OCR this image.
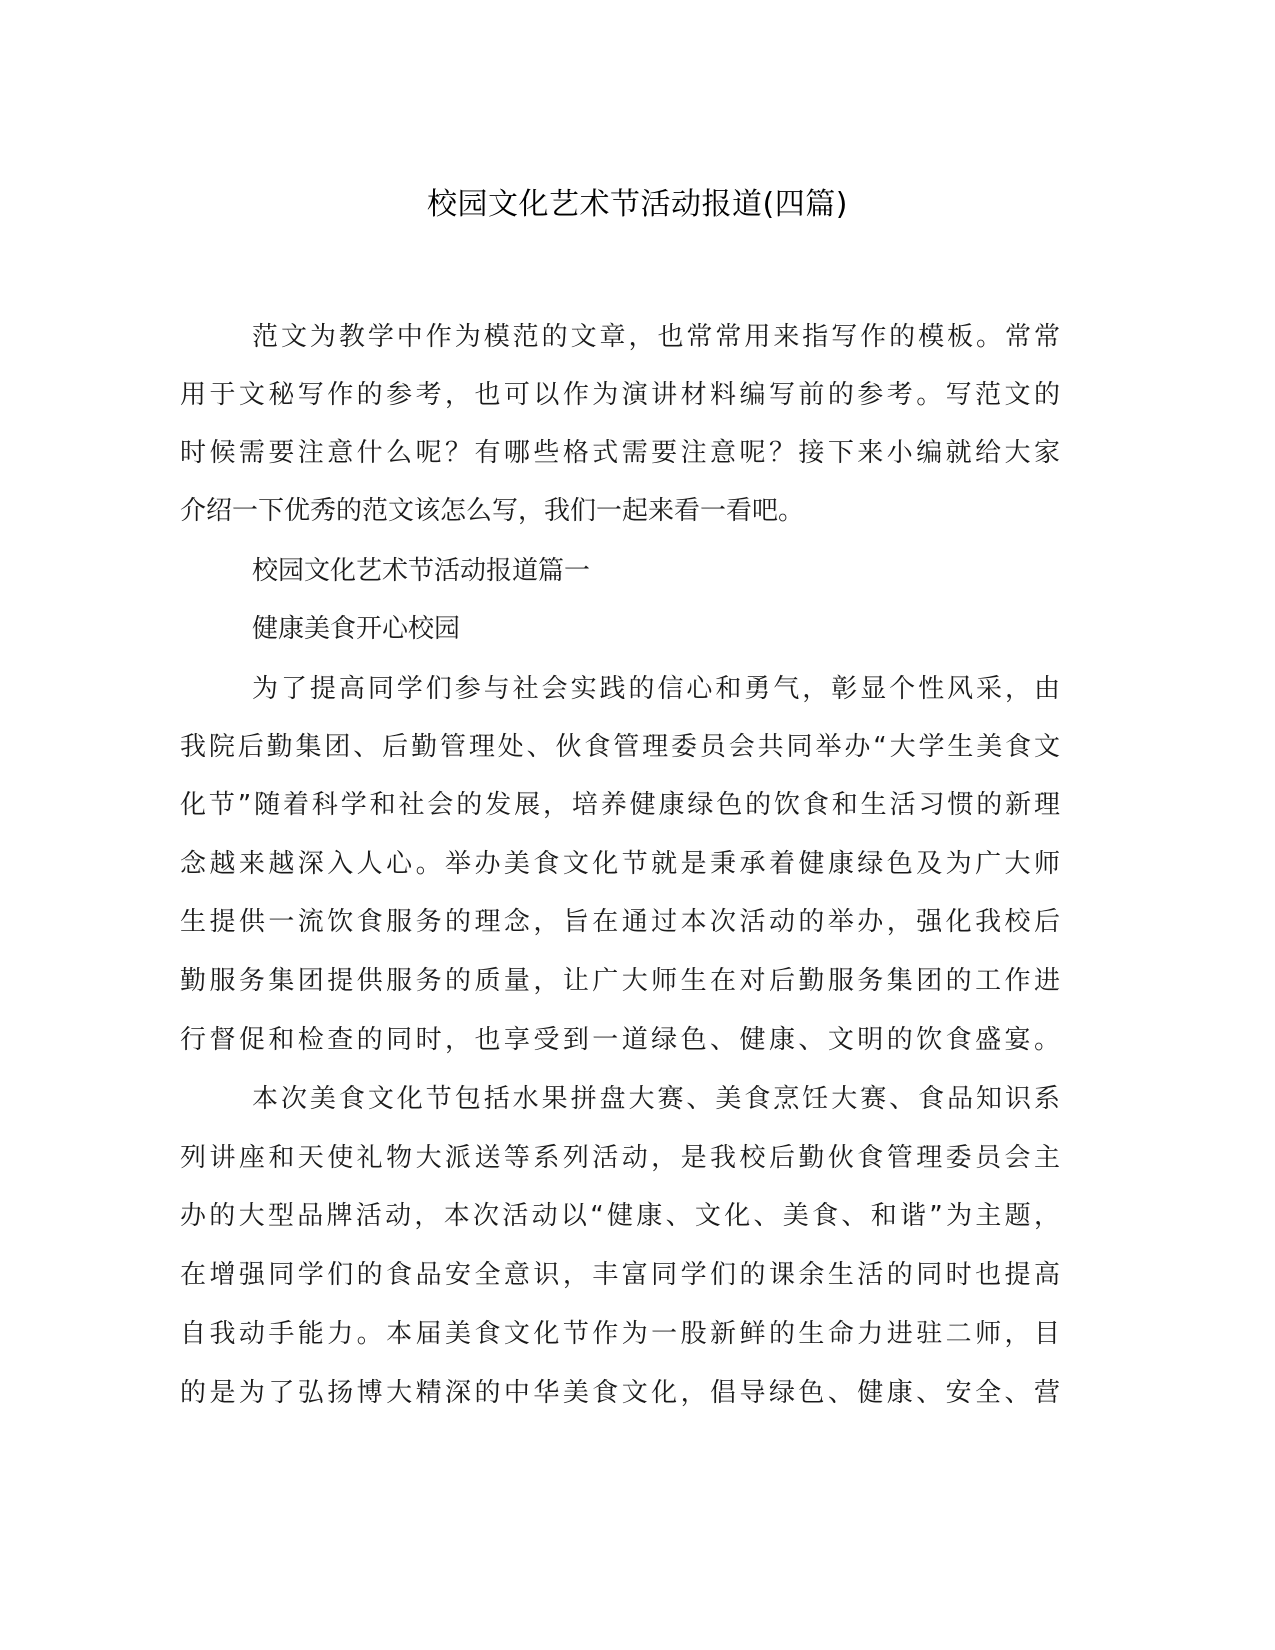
校园文化艺术节活动报道(四篇)
范文为教学中作为模范的文章，也常常用来指写作的模板。常常
用于文秘写作的参考，也可以作为演讲材料编写前的参考。写范文的
时候需要注意什么呢？有哪些格式需要注意呢？接下来小编就给大家
介绍一下优秀的范文该怎么写，我们一起来看一看吧。
校园文化艺术节活动报道篇一
健康美食开心校园
为了提高同学们参与社会实践的信心和勇气，彰显个性风采，由
我院后勤集团、后勤管理处、伙食管理委员会共同举办“大学生美食文
化节”随着科学和社会的发展，培养健康绿色的饮食和生活习惯的新理
念越来越深入人心。举办美食文化节就是秉承着健康绿色及为广大师
生提供一流饮食服务的理念，旨在通过本次活动的举办，强化我校后
勤服务集团提供服务的质量，让广大师生在对后勤服务集团的工作进
行督促和检查的同时，也享受到一道绿色、健康、文明的饮食盛宴。
本次美食文化节包括水果拼盘大赛、美食烹饪大赛、食品知识系
列讲座和天使礼物大派送等系列活动，是我校后勤伙食管理委员会主
办的大型品牌活动，本次活动以“健康、文化、美食、和谐”为主题，
在增强同学们的食品安全意识，丰富同学们的课余生活的同时也提高
自我动手能力。本届美食文化节作为一股新鲜的生命力进驻二师，目
的是为了弘扬博大精深的中华美食文化，倡导绿色、健康、安全、营
